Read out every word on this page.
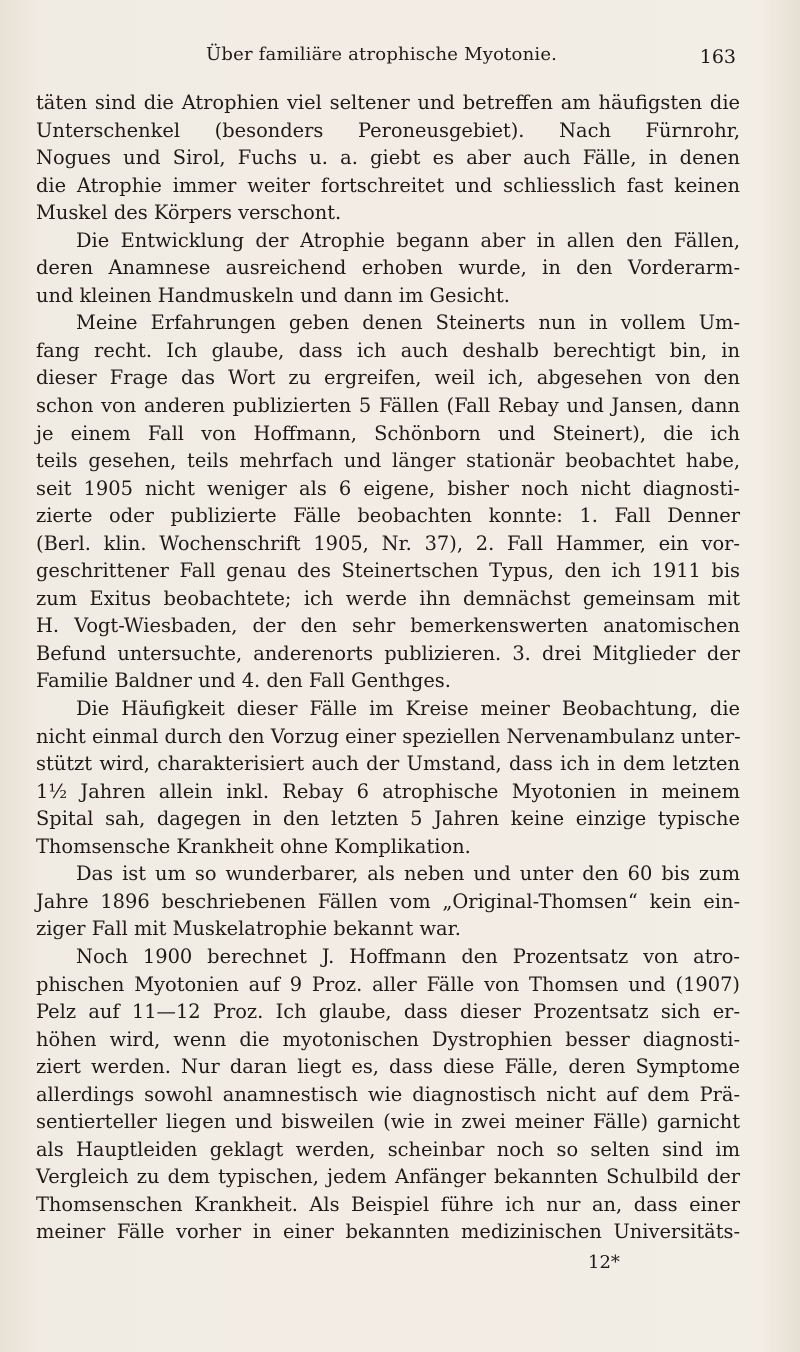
Über familiäre atrophische Myotonie.	163
täten sind die Atrophien viel seltener und betreffen am häufigsten die
Unterschenkel (besonders Peroneusgebiet). Nach Fürnrohr,
Nogues und Sirol, Fuchs u. a. giebt es aber auch Fälle, in denen
die Atrophie immer weiter fortschreitet und schliesslich fast keinen
Muskel des Körpers verschont.
Die Entwicklung der Atrophie begann aber in allen den Fällen,
deren Anamnese ausreichend erhoben wurde, in den Vorderarm-
und kleinen Handmuskeln und dann im Gesicht.
Meine Erfahrungen geben denen Steinerts nun in vollem Um-
fang recht. Ich glaube, dass ich auch deshalb berechtigt bin, in
dieser Frage das Wort zu ergreifen, weil ich, abgesehen von den
schon von anderen publizierten 5 Fällen (Fall Rebay und Jansen, dann
je einem Fall von Hoffmann, Schönborn und Steinert), die ich
teils gesehen, teils mehrfach und länger stationär beobachtet habe,
seit 1905 nicht weniger als 6 eigene, bisher noch nicht diagnosti-
zierte oder publizierte Fälle beobachten konnte: 1. Fall Denner
(Berl. klin. Wochenschrift 1905, Nr. 37), 2. Fall Hammer, ein vor-
geschrittener Fall genau des Steinertschen Typus, den ich 1911 bis
zum Exitus beobachtete; ich werde ihn demnächst gemeinsam mit
H. Vogt-Wiesbaden, der den sehr bemerkenswerten anatomischen
Befund untersuchte, anderenorts publizieren. 3. drei Mitglieder der
Familie Baldner und 4. den Fall Genthges.
Die Häufigkeit dieser Fälle im Kreise meiner Beobachtung, die
nicht einmal durch den Vorzug einer speziellen Nervenambulanz unter-
stützt wird, charakterisiert auch der Umstand, dass ich in dem letzten
1½ Jahren allein inkl. Rebay 6 atrophische Myotonien in meinem
Spital sah, dagegen in den letzten 5 Jahren keine einzige typische
Thomsensche Krankheit ohne Komplikation.
Das ist um so wunderbarer, als neben und unter den 60 bis zum
Jahre 1896 beschriebenen Fällen vom „Original-Thomsen“ kein ein-
ziger Fall mit Muskelatrophie bekannt war.
Noch 1900 berechnet J. Hoffmann den Prozentsatz von atro-
phischen Myotonien auf 9 Proz. aller Fälle von Thomsen und (1907)
Pelz auf 11—12 Proz. Ich glaube, dass dieser Prozentsatz sich er-
höhen wird, wenn die myotonischen Dystrophien besser diagnosti-
ziert werden. Nur daran liegt es, dass diese Fälle, deren Symptome
allerdings sowohl anamnestisch wie diagnostisch nicht auf dem Prä-
sentierteller liegen und bisweilen (wie in zwei meiner Fälle) garnicht
als Hauptleiden geklagt werden, scheinbar noch so selten sind im
Vergleich zu dem typischen, jedem Anfänger bekannten Schulbild der
Thomsenschen Krankheit. Als Beispiel führe ich nur an, dass einer
meiner Fälle vorher in einer bekannten medizinischen Universitäts-
12*
